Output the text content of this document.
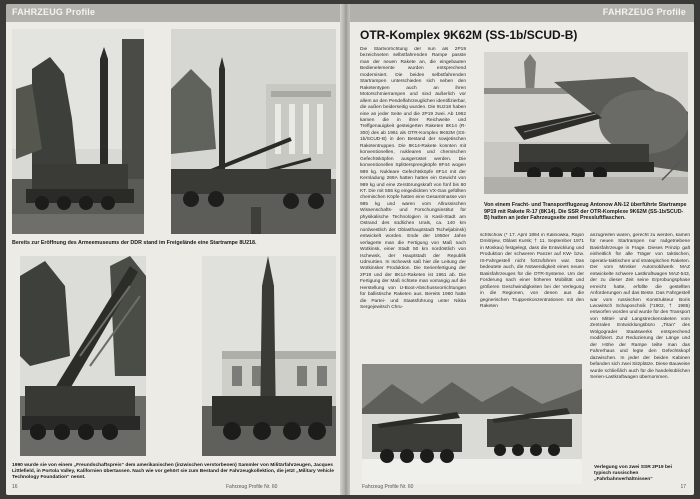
FAHRZEUG Profile
Bereits zur Eröffnung des Armeemuseums der DDR stand im Freigelände eine Startrampe 8U218.
1990 wurde sie von einem „Freundschaftspreis“ dem amerikanischen (inzwischen verstorbenen) Sammler von Militärfahrzeugen, Jacques Littlefield, in Portola Valley, Kalifornien übertassen. Nach wie vor gehört sie zum Bestand der Fahrzeugkollektion, die jetzt „Military Vehicle Technology Foundation“ nennt.
16	Fahrzeug Profile Nr. 60
FAHRZEUG Profile
OTR-Komplex 9K62M (SS-1b/SCUD-B)
Die Startvorrichtung der nun als 2P19 bezeichneten selbstfahrenden Rampe passte man der neuen Rakete an, die eingebauten Bedienelemente wurden entsprechend modernisiert. Die beiden selbstfahrenden Startrampen unterschieden sich neben den Raketentypen auch an ihren Motorschmierrampen und sind äußerlich vor allem an den Pendelfahrzeuglichen identifizierbar, die außen beiderseitig wurden. Die 8U218 haben eine an jeder Seite und die 2P19 zwei. Ab 1962 kamen die in ihrer Reichweite und Treffgenauigkeit gesteigerten Raketen 8K14 (R-300) des ab 1961 als OTR-Komplex 9K62M (SS-1b/SCUD-B) in den Bestand der sowjetischen Raketentruppen. Die 8K14-Rakete konnten mit konventionellen, nuklearen und chemischen Gefechtsköpfen ausgerüstet werden. Die konventionellen Splittersprengköpfe 8F44 wogen 989 kg. Nukleare Gefechtsköpfe 8F14 mit der Kernladung 269A hatten hatten ein Gewicht von 989 kg und eine Zerstörungskraft von fünf bis 80 KT. Die mit 555 kg eingedickten VX-Gas gefüllten chemischen Köpfe hatten eine Gesamtmasse von 985 kg und waren vom Allrussischen Wissenschafts- und Forschungsinstitut für physikalische Technologien in Kasli-Stadt am Ostrand des südlichen Urals, ca. 140 km nordwestlich der Oblasthauptstadt Tscheljabinsk) entwickelt worden. Ende der 1950er Jahre verlagerte man die Fertigung von Maß nach Wotkinsk, einer Stadt 50 km nordöstlich von Ischewsk, der Hauptstadt der Republik Udmurtien. In Ischewsk saß hier die Leitung der Wotkinsker Produktion. Die Serienfertigung der 2P19 und der 8K14-Raketen ist 1961 ab. Die Fertigung der Maß richtete man vorrangig auf die Herstellung von U-Boot-Abschussvorrichtungen für ballistische Raketen aus. Bereits 1960 hatte die Partei- und Staatsführung unter Nikita Sergejewitsch Chru-
Von einem Fracht- und Transportflugzeug Antonow AN-12 überführte Startrampe 9P19 mit Rakete R-17 (8K14). Die SSR der OTR-Komplexe 9K62M (SS-1b/SCUD-B) hatten an jeder Fahrzeugseite zwei Pressluftflaschen.
schtschow (* 17. April 1894 in Kalinowka, Rajon Dmitrijew, Oblast Kursk; † 11. September 1971 in Moskau) festgelegt, dass die Entwicklung und Produktion der schweren Panzer auf KW- bzw. IS-Fahrgestell nicht fortzuführen war. Das bedeutete auch, die Notwendigkeit eines neuen Basisfahrzeuges für die OTR-Systeme. Um der Forderung nach einer höheren Mobilität und größeren Geschwindigkeiten bei der Verlegung in die Regionen, von denen aus die gegnerischen Truppenkonzentrationen mit den Raketen
anzugreifen waren, gerecht zu werden, kamen für neuen Startrampen nur radgetriebene Basisfahrzeuge in Frage. Dieses Prinzip galt einheitlich für alle Träger von taktischen, operativ-taktischen und strategischen Raketen. Der vom Minsker Automobilwerk MAZ entwickelte schwere Lastkraftwagen MAZ-543, der zu dieser Zeit seine Erprobungsphase erreicht hatte, erfüllte die gestellten Anforderungen auf das Beste. Das Fahrgestell war vom russischen Konstrukteur Boris Lwowitsch Schaposchnik (*1902, † 1985) entworfen worden und wurde für den Transport von Mittel- und Langstreckenraketen vom Zentralen Entwicklungsbüro „Titan“ des Wolgograder Staatswerks entsprechend modifiziert. Zur Reduzierung der Länge und der Höhe der Rampe teilte man das Fahrerhaus und legte den Gefechtskopf dazwischen. In jeder der beiden Kabinen befanden sich zwei Sitzplätze. Diese Bauweise wurde schließlich auch für die handelsüblichen Serien-Lastkraftwagen übernommen.
Verlegung von zwei SSR 2P19 bei typisch russischen „Fahrbahnverhältnissen“
Fahrzeug Profile Nr. 60	17
